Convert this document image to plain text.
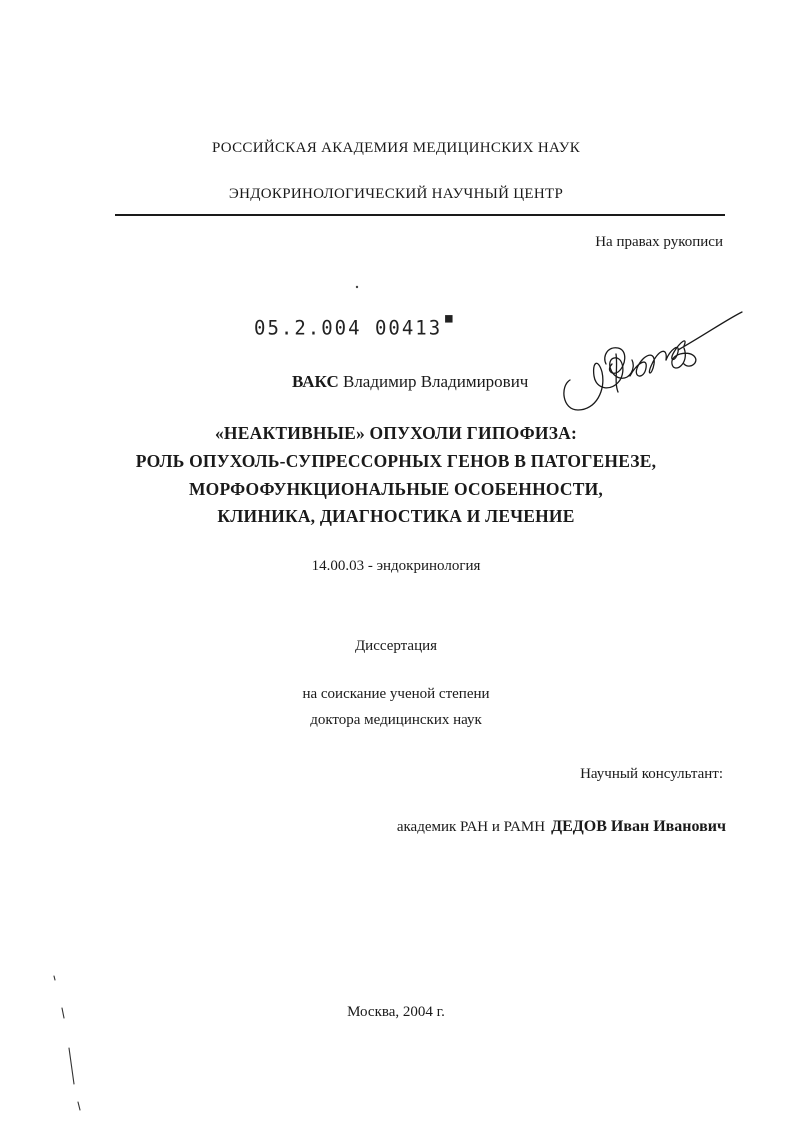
РОССИЙСКАЯ АКАДЕМИЯ МЕДИЦИНСКИХ НАУК
ЭНДОКРИНОЛОГИЧЕСКИЙ НАУЧНЫЙ ЦЕНТР
На правах рукописи
05.2.004 00413 ▀
ВАКС Владимир Владимирович
«НЕАКТИВНЫЕ» ОПУХОЛИ ГИПОФИЗА:
РОЛЬ ОПУХОЛЬ-СУПРЕССОРНЫХ ГЕНОВ В ПАТОГЕНЕЗЕ,
МОРФОФУНКЦИОНАЛЬНЫЕ ОСОБЕННОСТИ,
КЛИНИКА, ДИАГНОСТИКА И ЛЕЧЕНИЕ
14.00.03 - эндокринология
Диссертация
на соискание ученой степени
доктора медицинских наук
Научный консультант:
академик РАН и РАМН ДЕДОВ Иван Иванович
Москва, 2004 г.
